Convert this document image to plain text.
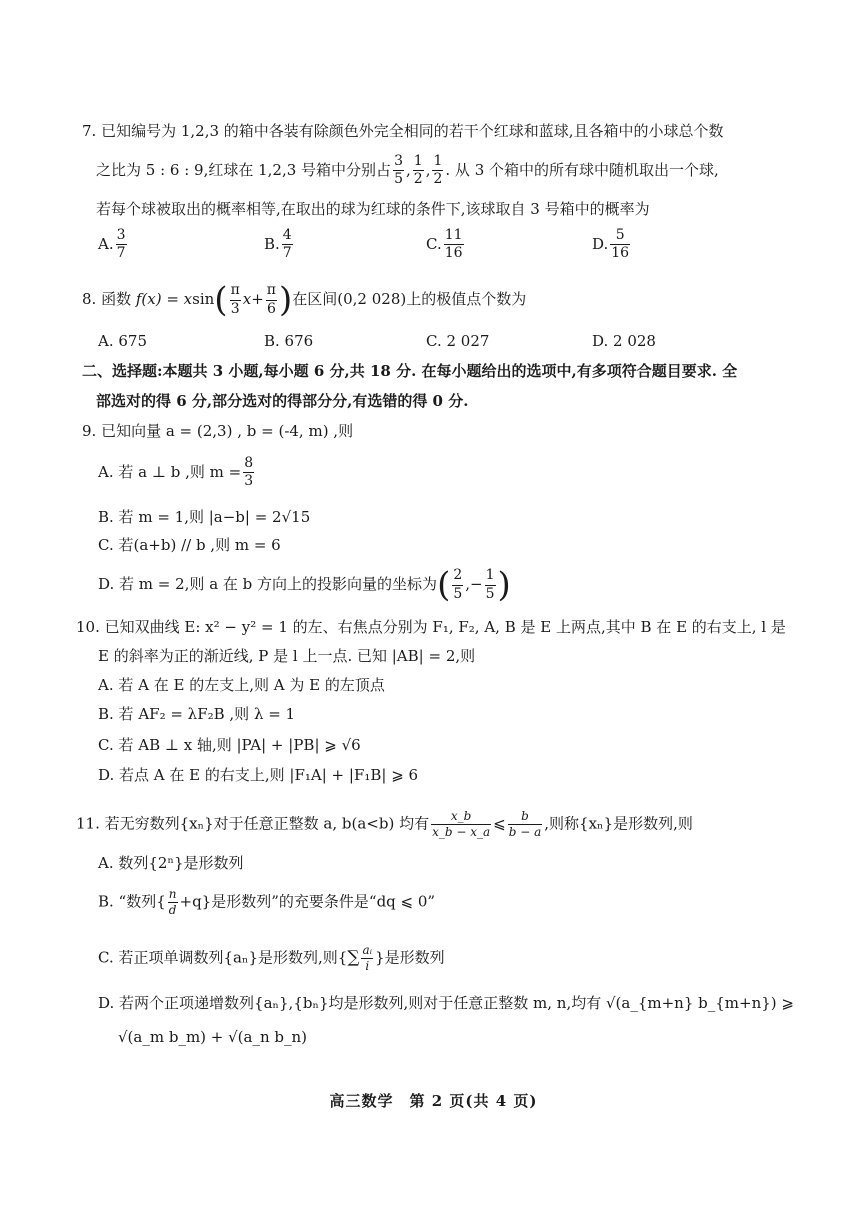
7. 已知编号为 1,2,3 的箱中各装有除颜色外完全相同的若干个红球和蓝球,且各箱中的小球总个数
之比为 5 : 6 : 9,红球在 1,2,3 号箱中分别占 $\frac{3}{5}$ , $\frac{1}{2}$ , $\frac{1}{2}$ . 从 3 个箱中的所有球中随机取出一个球,
若每个球被取出的概率相等,在取出的球为红球的条件下,该球取自 3 号箱中的概率为
A. $\frac{3}{7}$	B. $\frac{4}{7}$	C. $\frac{11}{16}$	D. $\frac{5}{16}$
8. 函数 $f(x) = xsin( \frac{\pi}{3} x+ \frac{\pi}{6}$ )在区间(0,2 028)上的极值点个数为
A. 675	B. 676	C. 2 027	D. 2 028
二、选择题:本题共 3 小题,每小题 6 分,共 18 分. 在每小题给出的选项中,有多项符合题目要求. 全
部选对的得 6 分,部分选对的得部分分,有选错的得 0 分.
9. 已知向量 a = (2,3) , b = (-4, m) ,则
A. 若 a ⊥ b ,则 $m = \frac{8}{3}$
B. 若 m = 1,则 |a−b| = 2√15
C. 若(a+b) // b ,则 m = 6
D. 若 m = 2,则 a 在 b 方向上的投影向量的坐标为( $\frac{2}{5}$ ,− $\frac{1}{5}$ )
10. 已知双曲线 E: x² − y² = 1 的左、右焦点分别为 F₁, F₂, A, B 是 E 上两点,其中 B 在 E 的右支上, l 是
E 的斜率为正的渐近线, P 是 l 上一点. 已知 |AB| = 2,则
A. 若 A 在 E 的左支上,则 A 为 E 的左顶点
B. 若 AF₂ = λF₂B ,则 λ = 1
C. 若 AB ⊥ x 轴,则 |PA| + |PB| ⩾ √6
D. 若点 A 在 E 的右支上,则 |F₁A| + |F₁B| ⩾ 6
11. 若无穷数列{xₙ}对于任意正整数 a, b(a<b) 均有 $\frac{x\_b}{x\_b - x\_a}$ ⩽ $\frac{b}{b - a}$ ,则称{xₙ}是形数列,则
A. 数列{2ⁿ}是形数列
B. “数列{ $\frac{n}{d} +q$}是形数列”的充要条件是“dq ⩽ 0”
C. 若正项单调数列{aₙ}是形数列,则{∑ $\frac{\text{aᵢ}}{i}$ }是形数列
D. 若两个正项递增数列{aₙ},{bₙ}均是形数列,则对于任意正整数 m, n,均有 √(a_{m+n} b_{m+n}) ⩾
√(a_m b_m) + √(a_n b_n)
高三数学　第 2 页(共 4 页)
